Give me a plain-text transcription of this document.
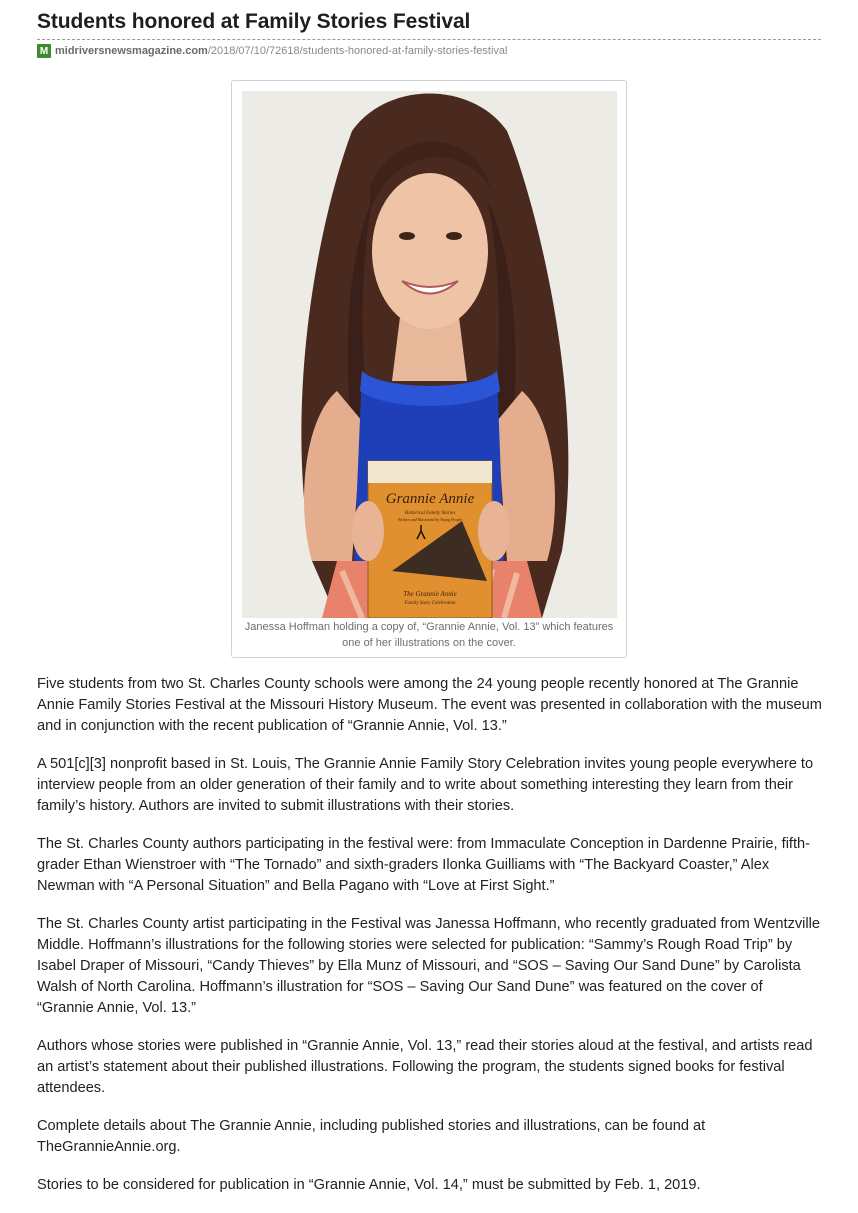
Students honored at Family Stories Festival
M midriversnewsmagazine.com /2018/07/10/72618/students-honored-at-family-stories-festival
Grannie Annie
Historical Family Stories
Written and Illustrated by Young People
The Grannie Annie
Family Story Celebration
Janessa Hoffman holding a copy of, “Grannie Annie, Vol. 13” which features one of her illustrations on the cover.

Five students from two St. Charles County schools were among the 24 young people recently honored at The Grannie Annie Family Stories Festival at the Missouri History Museum. The event was presented in collaboration with the museum and in conjunction with the recent publication of “Grannie Annie, Vol. 13.”

A 501[c][3] nonprofit based in St. Louis, The Grannie Annie Family Story Celebration invites young people everywhere to interview people from an older generation of their family and to write about something interesting they learn from their family’s history. Authors are invited to submit illustrations with their stories.

The St. Charles County authors participating in the festival were: from Immaculate Conception in Dardenne Prairie, fifth-grader Ethan Wienstroer with “The Tornado” and sixth-graders Ilonka Guilliams with “The Backyard Coaster,” Alex Newman with “A Personal Situation” and Bella Pagano with “Love at First Sight.”

The St. Charles County artist participating in the Festival was Janessa Hoffmann, who recently graduated from Wentzville Middle. Hoffmann’s illustrations for the following stories were selected for publication: “Sammy’s Rough Road Trip” by Isabel Draper of Missouri, “Candy Thieves” by Ella Munz of Missouri, and “SOS – Saving Our Sand Dune” by Carolista Walsh of North Carolina. Hoffmann’s illustration for “SOS – Saving Our Sand Dune” was featured on the cover of “Grannie Annie, Vol. 13.”

Authors whose stories were published in “Grannie Annie, Vol. 13,” read their stories aloud at the festival, and artists read an artist’s statement about their published illustrations. Following the program, the students signed books for festival attendees.

Complete details about The Grannie Annie, including published stories and illustrations, can be found at TheGrannieAnnie.org.

Stories to be considered for publication in “Grannie Annie, Vol. 14,” must be submitted by Feb. 1, 2019.
